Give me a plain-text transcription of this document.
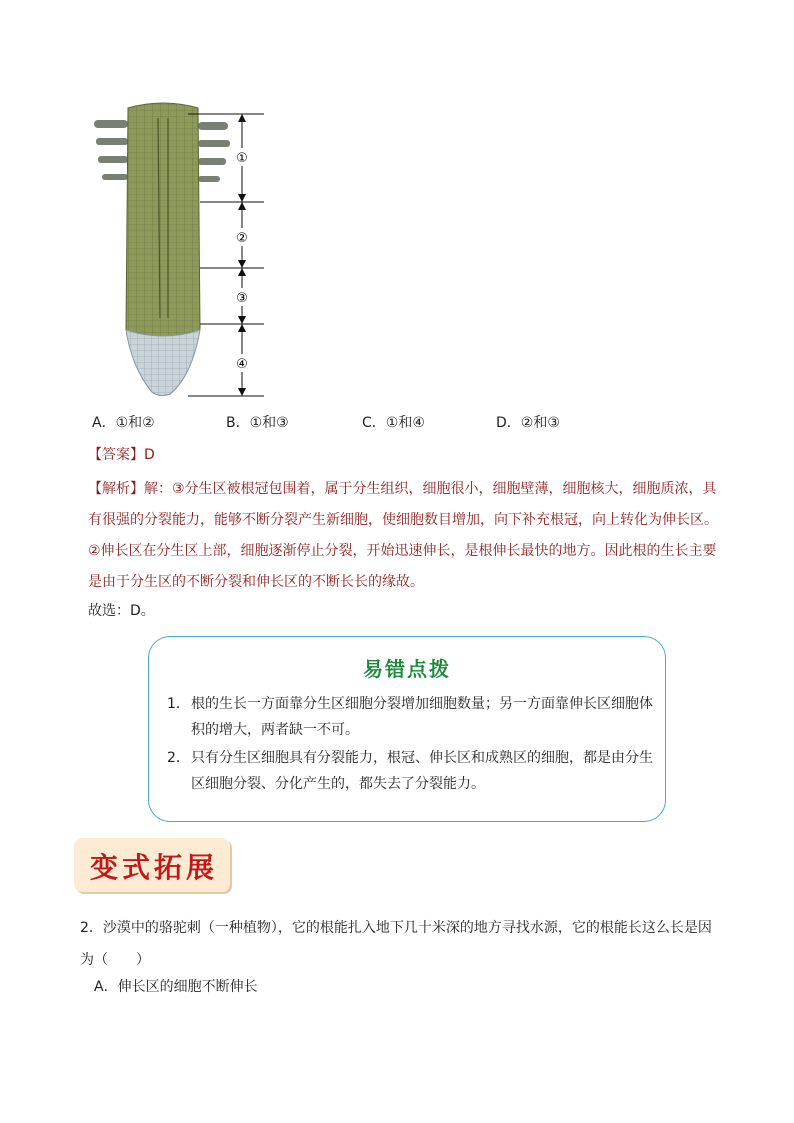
①
②
③
④
A．①和②	B．①和③	C．①和④	D．②和③
【答案】D
【解析】解：③分生区被根冠包围着，属于分生组织，细胞很小，细胞壁薄，细胞核大，细胞质浓，具有很强的分裂能力，能够不断分裂产生新细胞，使细胞数目增加，向下补充根冠，向上转化为伸长区。②伸长区在分生区上部，细胞逐渐停止分裂，开始迅速伸长，是根伸长最快的地方。因此根的生长主要是由于分生区的不断分裂和伸长区的不断长长的缘故。
故选：D。
易错点拨
1． 根的生长一方面靠分生区细胞分裂增加细胞数量；另一方面靠伸长区细胞体积的增大，两者缺一不可。
2． 只有分生区细胞具有分裂能力，根冠、伸长区和成熟区的细胞，都是由分生区细胞分裂、分化产生的，都失去了分裂能力。
变式拓展
2．沙漠中的骆驼刺（一种植物），它的根能扎入地下几十米深的地方寻找水源，它的根能长这么长是因为（　　）
A．伸长区的细胞不断伸长
